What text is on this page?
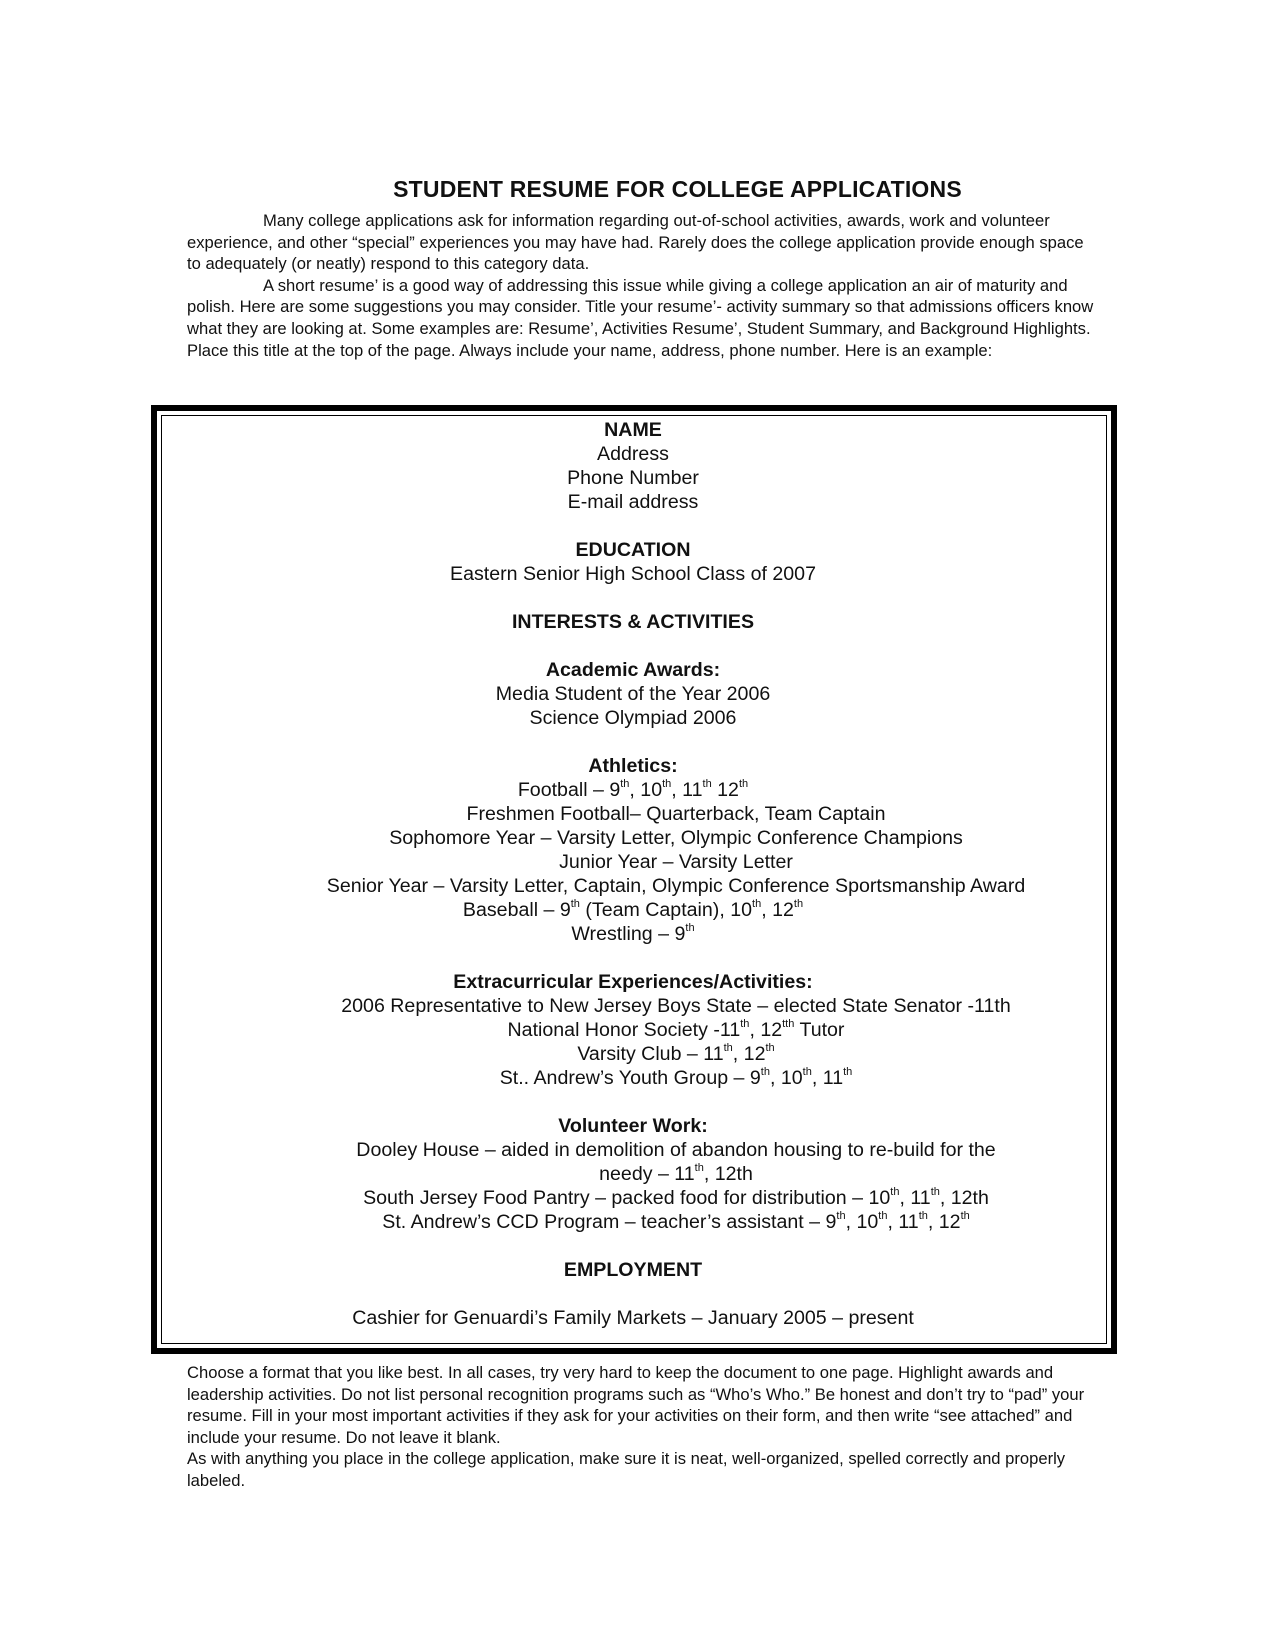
STUDENT RESUME FOR COLLEGE APPLICATIONS

Many college applications ask for information regarding out-of-school activities, awards, work and volunteer experience, and other “special” experiences you may have had. Rarely does the college application provide enough space to adequately (or neatly) respond to this category data.

A short resume’ is a good way of addressing this issue while giving a college application an air of maturity and polish. Here are some suggestions you may consider. Title your resume’- activity summary so that admissions officers know what they are looking at. Some examples are: Resume’, Activities Resume’, Student Summary, and Background Highlights. Place this title at the top of the page. Always include your name, address, phone number. Here is an example:

NAME
Address
Phone Number
E-mail address
EDUCATION
Eastern Senior High School Class of 2007
INTERESTS & ACTIVITIES
Academic Awards:
Media Student of the Year 2006
Science Olympiad 2006
Athletics:
Football – 9th, 10th, 11th 12th
Freshmen Football– Quarterback, Team Captain
Sophomore Year – Varsity Letter, Olympic Conference Champions
Junior Year – Varsity Letter
Senior Year – Varsity Letter, Captain, Olympic Conference Sportsmanship Award
Baseball – 9th (Team Captain), 10th, 12th
Wrestling – 9th
Extracurricular Experiences/Activities:
2006 Representative to New Jersey Boys State – elected State Senator -11th
National Honor Society -11th, $12^{tth}$ Tutor
Varsity Club – 11th, 12th
St.. Andrew’s Youth Group – 9th, 10th, 11th
Volunteer Work:
Dooley House – aided in demolition of abandon housing to re-build for the
needy – 11th, 12th
South Jersey Food Pantry – packed food for distribution – 10th, 11th, 12th
St. Andrew’s CCD Program – teacher’s assistant – 9th, 10th, 11th, 12th
EMPLOYMENT
Cashier for Genuardi’s Family Markets – January 2005 – present

Choose a format that you like best. In all cases, try very hard to keep the document to one page. Highlight awards and leadership activities. Do not list personal recognition programs such as “Who’s Who.” Be honest and don’t try to “pad” your resume. Fill in your most important activities if they ask for your activities on their form, and then write “see attached” and include your resume. Do not leave it blank.

As with anything you place in the college application, make sure it is neat, well-organized, spelled correctly and properly labeled.
